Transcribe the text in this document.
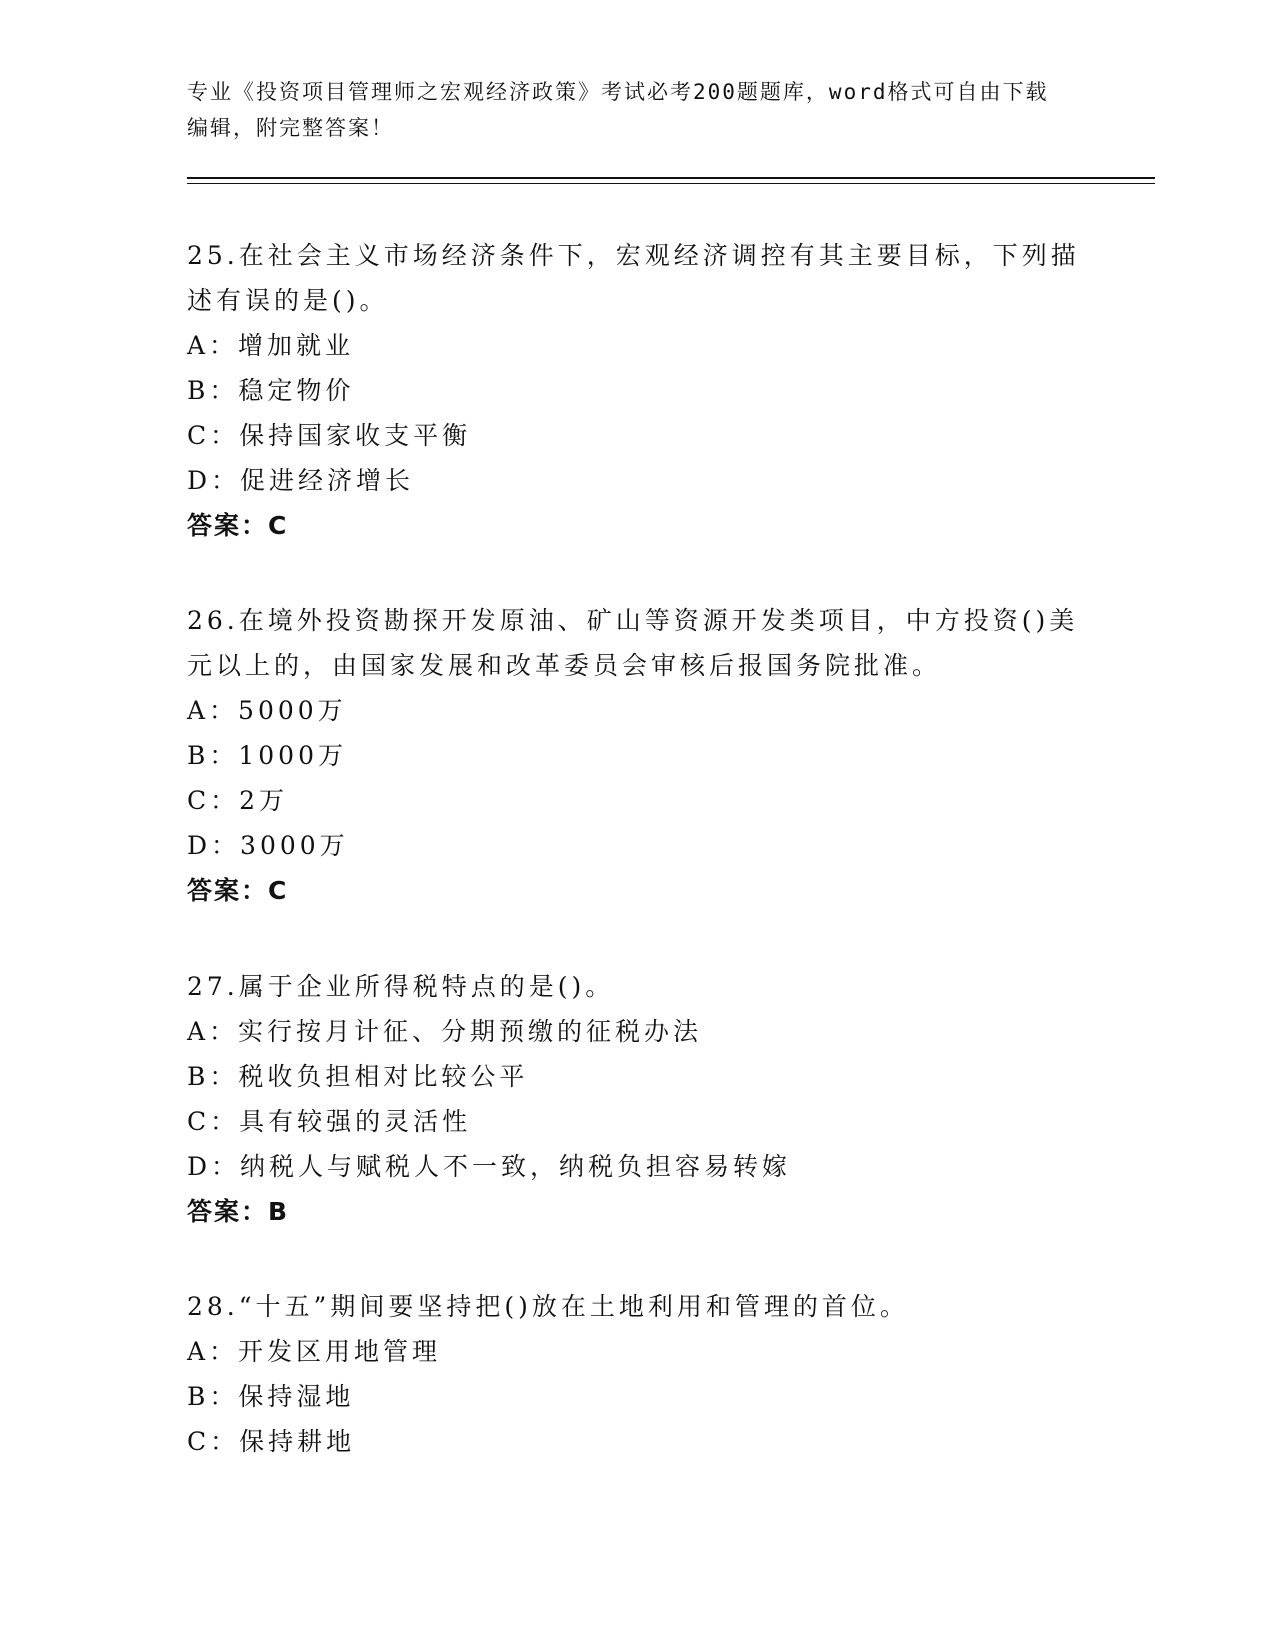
专业《投资项目管理师之宏观经济政策》考试必考200题题库，word格式可自由下载编辑，附完整答案！
25.在社会主义市场经济条件下，宏观经济调控有其主要目标，下列描述有误的是()。
A：增加就业
B：稳定物价
C：保持国家收支平衡
D：促进经济增长
答案：C
26.在境外投资勘探开发原油、矿山等资源开发类项目，中方投资()美元以上的，由国家发展和改革委员会审核后报国务院批准。
A：5000万
B：1000万
C：2万
D：3000万
答案：C
27.属于企业所得税特点的是()。
A：实行按月计征、分期预缴的征税办法
B：税收负担相对比较公平
C：具有较强的灵活性
D：纳税人与赋税人不一致，纳税负担容易转嫁
答案：B
28.“十五”期间要坚持把()放在土地利用和管理的首位。
A：开发区用地管理
B：保持湿地
C：保持耕地
